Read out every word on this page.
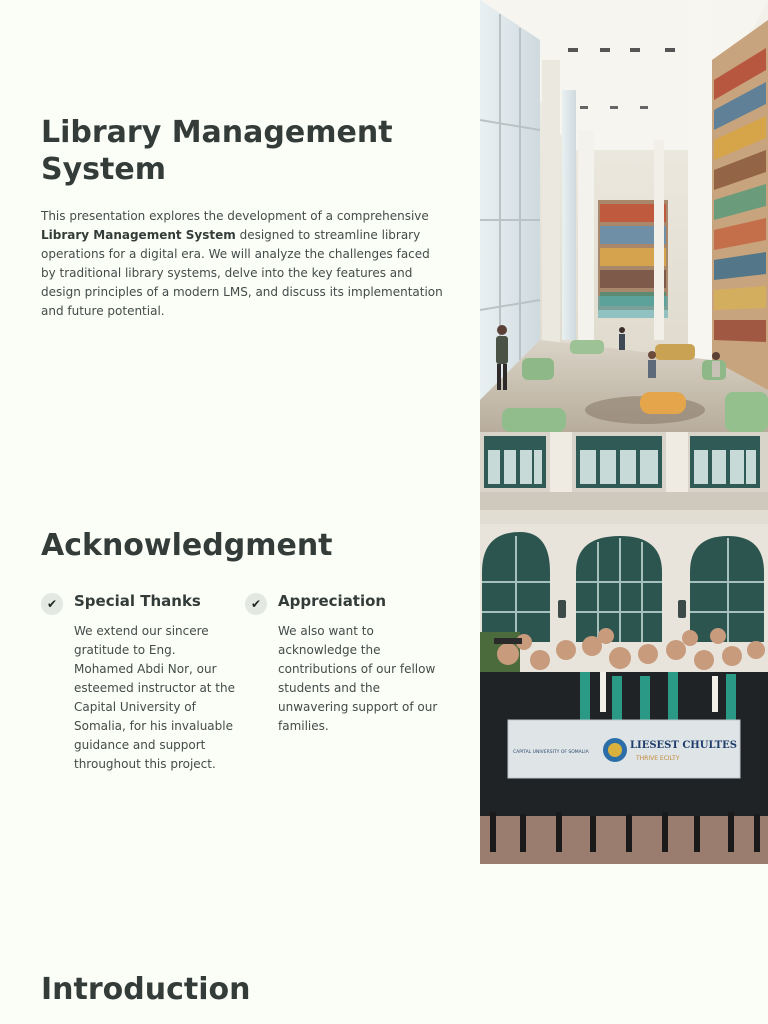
Library Management System

This presentation explores the development of a comprehensive Library Management System designed to streamline library operations for a digital era. We will analyze the challenges faced by traditional library systems, delve into the key features and design principles of a modern LMS, and discuss its implementation and future potential.

Acknowledgment
✔	Special Thanks

We extend our sincere gratitude to Eng. Mohamed Abdi Nor, our esteemed instructor at the Capital University of Somalia, for his invaluable guidance and support throughout this project.

✔	Appreciation

We also want to acknowledge the contributions of our fellow students and the unwavering support of our families.

CAPITAL UNIVERSITY OF SOMALIA
LIESEST CHULTES
THRIVE ECILTY
Introduction
